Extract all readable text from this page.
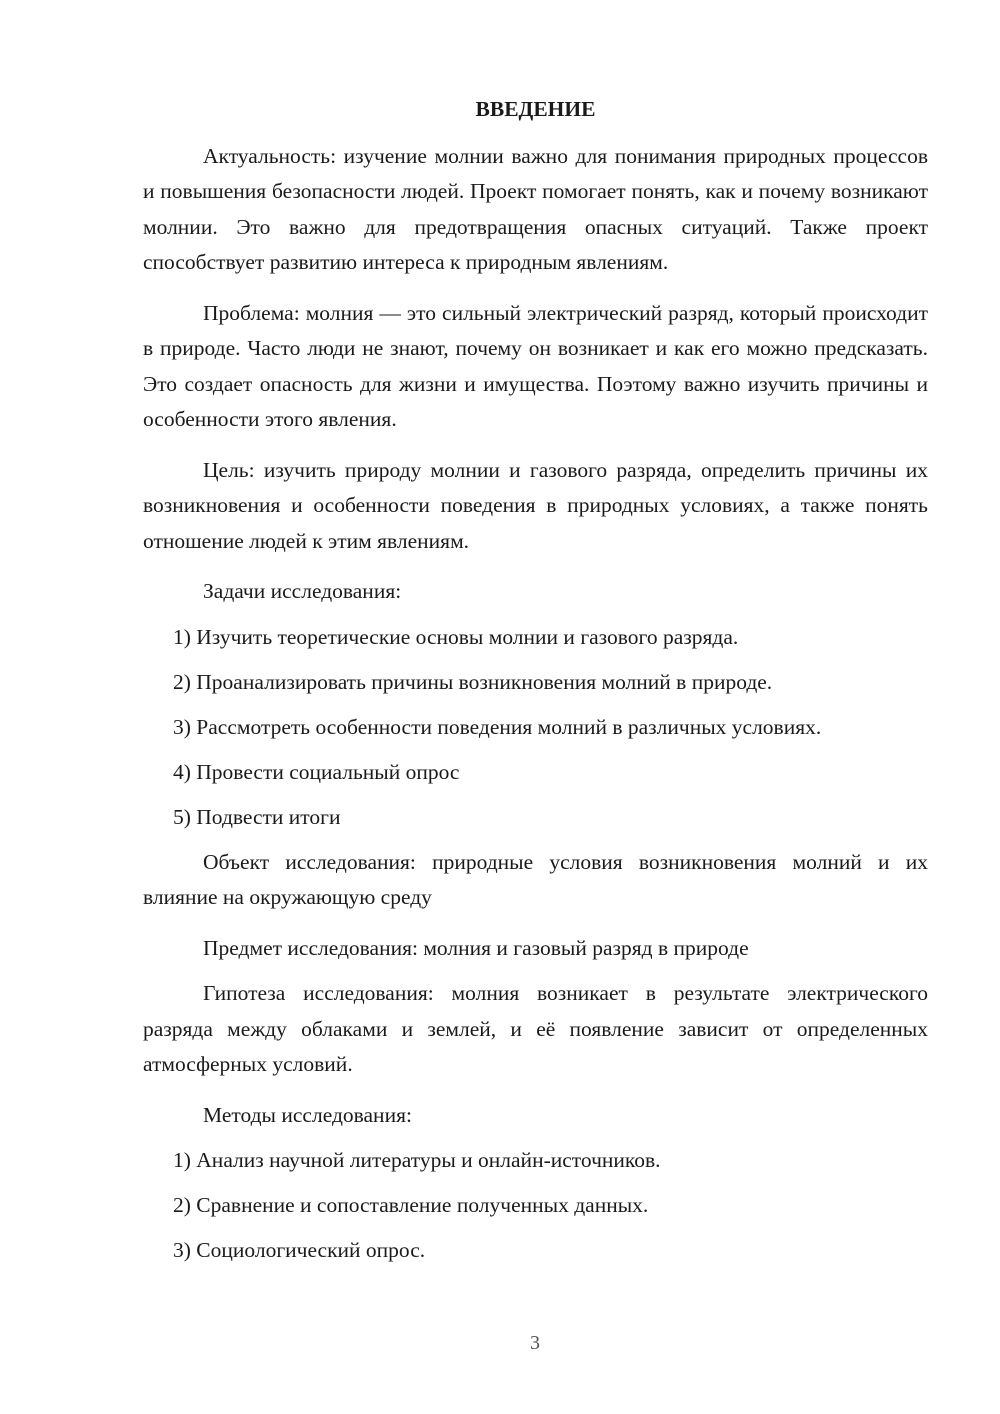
ВВЕДЕНИЕ

Актуальность: изучение молнии важно для понимания природных процессов и повышения безопасности людей. Проект помогает понять, как и почему возникают молнии. Это важно для предотвращения опасных ситуаций. Также проект способствует развитию интереса к природным явлениям.

Проблема: молния — это сильный электрический разряд, который происходит в природе. Часто люди не знают, почему он возникает и как его можно предсказать. Это создает опасность для жизни и имущества. Поэтому важно изучить причины и особенности этого явления.

Цель: изучить природу молнии и газового разряда, определить причины их возникновения и особенности поведения в природных условиях, а также понять отношение людей к этим явлениям.

Задачи исследования:

1) Изучить теоретические основы молнии и газового разряда.

2) Проанализировать причины возникновения молний в природе.

3) Рассмотреть особенности поведения молний в различных условиях.

4) Провести социальный опрос

5) Подвести итоги

Объект исследования: природные условия возникновения молний и их влияние на окружающую среду

Предмет исследования: молния и газовый разряд в природе

Гипотеза исследования: молния возникает в результате электрического разряда между облаками и землей, и её появление зависит от определенных атмосферных условий.

Методы исследования:

1) Анализ научной литературы и онлайн-источников.

2) Сравнение и сопоставление полученных данных.

3) Социологический опрос.

3
